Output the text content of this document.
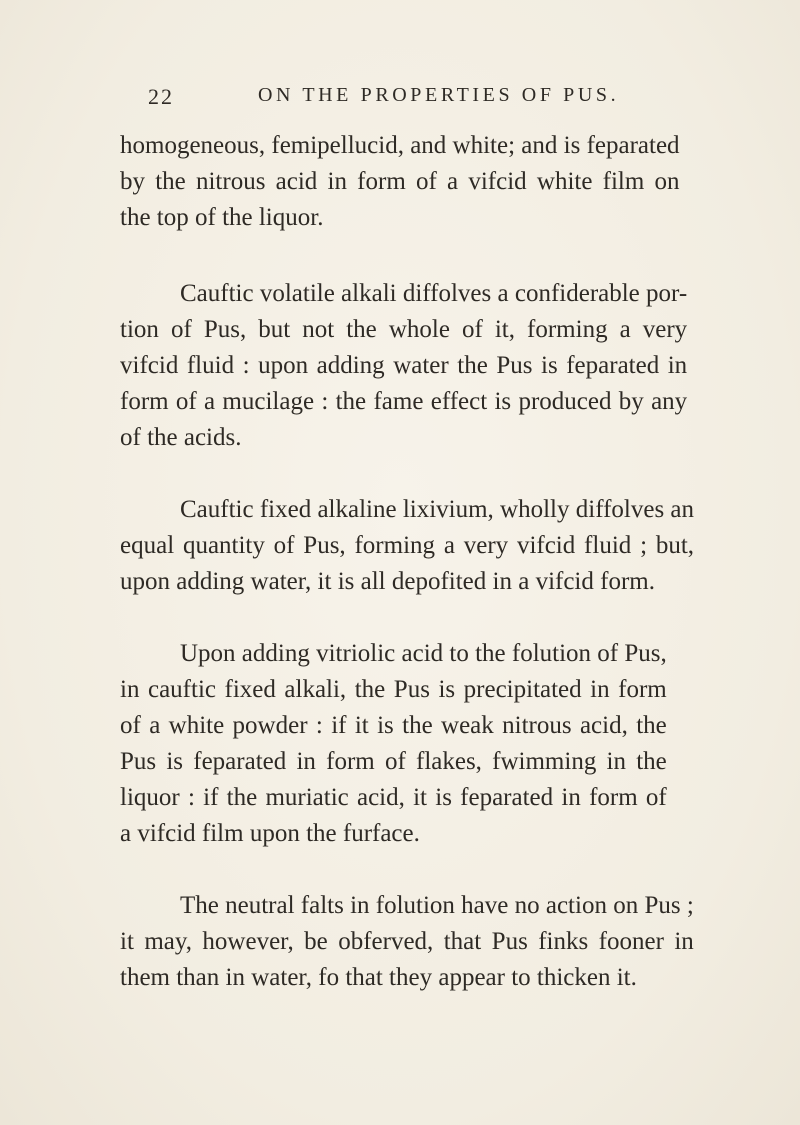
22	ON THE PROPERTIES OF PUS.

homogeneous, femipellucid, and white; and is feparated
by the nitrous acid in form of a vifcid white film on
the top of the liquor.

Cauftic volatile alkali diffolves a confiderable por-
tion of Pus, but not the whole of it, forming a very
vifcid fluid : upon adding water the Pus is feparated in
form of a mucilage : the fame effect is produced by any
of the acids.

Cauftic fixed alkaline lixivium, wholly diffolves an
equal quantity of Pus, forming a very vifcid fluid ; but,
upon adding water, it is all depofited in a vifcid form.

Upon adding vitriolic acid to the folution of Pus,
in cauftic fixed alkali, the Pus is precipitated in form
of a white powder : if it is the weak nitrous acid, the
Pus is feparated in form of flakes, fwimming in the
liquor : if the muriatic acid, it is feparated in form of
a vifcid film upon the furface.

The neutral falts in folution have no action on Pus ;
it may, however, be obferved, that Pus finks fooner in
them than in water, fo that they appear to thicken it.
